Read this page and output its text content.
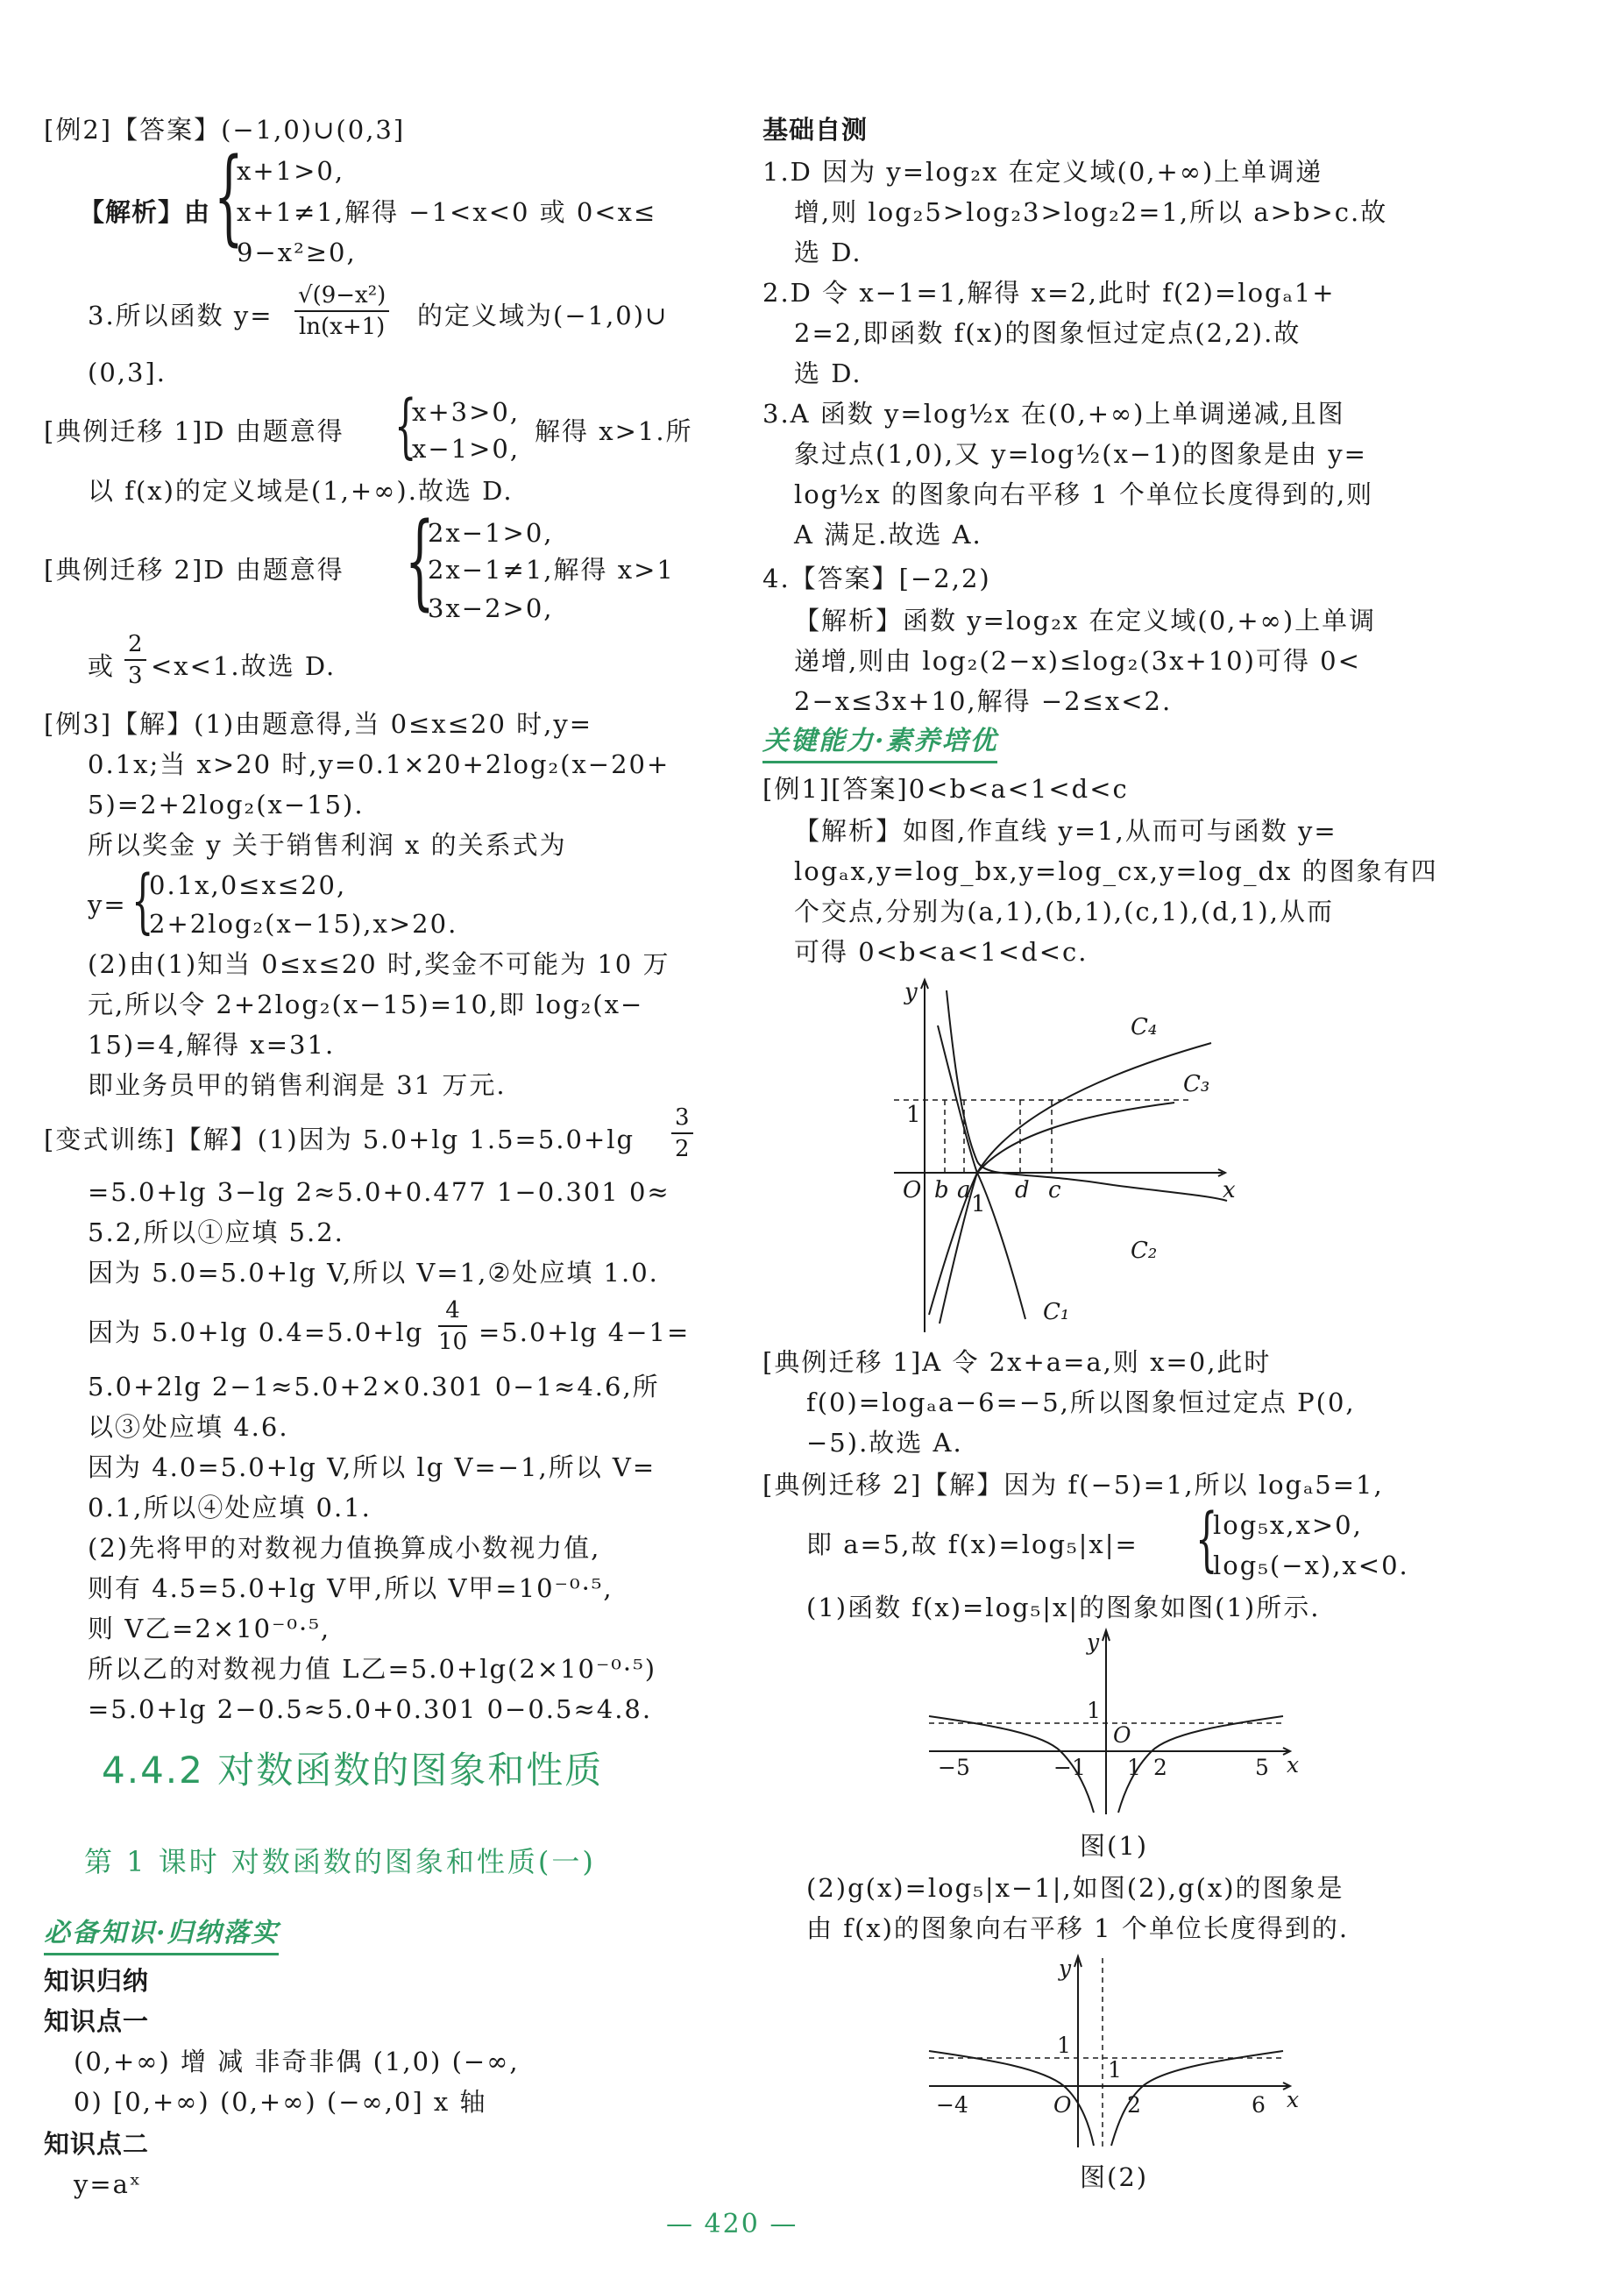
[例2]【答案】(−1,0)∪(0,3]
【解析】由 {
x+1>0,
x+1≠1,解得 −1<x<0 或 0<x≤
9−x²≥0,
3.所以函数 $y= \frac{\text{√(9−x²)}}{\ln(x+1)}$ 的定义域为(−1,0)∪
(0,3].
[典例迁移 1]D 由题意得 {
x+3>0,
x−1>0,
解得 x>1.所
以 f(x)的定义域是(1,+∞).故选 D.
[典例迁移 2]D 由题意得 {
2x−1>0,
2x−1≠1,解得 x>1
3x−2>0,
或 $\frac{2}{3} <x<1$.故选 D.
[例3]【解】(1)由题意得,当 0≤x≤20 时,y=
0.1x;当 x>20 时,y=0.1×20+2log₂(x−20+
5)=2+2log₂(x−15).
所以奖金 y 关于销售利润 x 的关系式为
y= {
0.1x,0≤x≤20,
2+2log₂(x−15),x>20.
(2)由(1)知当 0≤x≤20 时,奖金不可能为 10 万
元,所以令 2+2log₂(x−15)=10,即 log₂(x−
15)=4,解得 x=31.
即业务员甲的销售利润是 31 万元.
[变式训练]【解】(1)因为 5.0+lg $1.5=5.0+\lg \frac{3}{2}$
=5.0+lg 3−lg 2≈5.0+0.477 1−0.301 0≈
5.2,所以①应填 5.2.
因为 5.0=5.0+lg V,所以 V=1,②处应填 1.0.
因为 5.0+lg $0.4=5.0+\lg \frac{4}{10} =5.0+\lg$ 4−1=
5.0+2lg 2−1≈5.0+2×0.301 0−1≈4.6,所
以③处应填 4.6.
因为 4.0=5.0+lg V,所以 lg V=−1,所以 V=
0.1,所以④处应填 0.1.
(2)先将甲的对数视力值换算成小数视力值,
则有 4.5=5.0+lg V甲,所以 V甲=10⁻⁰·⁵,
则 V乙=2×10⁻⁰·⁵,
所以乙的对数视力值 L乙=5.0+lg(2×10⁻⁰·⁵)
=5.0+lg 2−0.5≈5.0+0.301 0−0.5≈4.8.
4.4.2 对数函数的图象和性质
第 1 课时 对数函数的图象和性质(一)
必备知识·归纳落实
知识归纳
知识点一
(0,+∞) 增 减 非奇非偶 (1,0) (−∞,
0) [0,+∞) (0,+∞) (−∞,0] x 轴
知识点二
y=aˣ
基础自测
1.D 因为 y=log₂x 在定义域(0,+∞)上单调递
增,则 log₂5>log₂3>log₂2=1,所以 a>b>c.故
选 D.
2.D 令 x−1=1,解得 x=2,此时 f(2)=logₐ1+
2=2,即函数 f(x)的图象恒过定点(2,2).故
选 D.
3.A 函数 y=log½x 在(0,+∞)上单调递减,且图
象过点(1,0),又 y=log½(x−1)的图象是由 y=
log½x 的图象向右平移 1 个单位长度得到的,则
A 满足.故选 A.
4.【答案】[−2,2)
【解析】函数 y=log₂x 在定义域(0,+∞)上单调
递增,则由 log₂(2−x)≤log₂(3x+10)可得 0<
2−x≤3x+10,解得 −2≤x<2.
关键能力·素养培优
[例1][答案]0<b<a<1<d<c
【解析】如图,作直线 y=1,从而可与函数 y=
logₐx,y=log_bx,y=log_cx,y=log_dx 的图象有四
个交点,分别为(a,1),(b,1),(c,1),(d,1),从而
可得 0<b<a<1<d<c.
y
x
O b a d c
C₄
C₃
C₂
C₁
1
1
[典例迁移 1]A 令 2x+a=a,则 x=0,此时
f(0)=logₐa−6=−5,所以图象恒过定点 P(0,
−5).故选 A.
[典例迁移 2]【解】因为 f(−5)=1,所以 logₐ5=1,
即 a=5,故 f(x)=log₅|x|= {
log₅x,x>0,
log₅(−x),x<0.
(1)函数 f(x)=log₅|x|的图象如图(1)所示.
y
x
O
1
−5	−1 1 2	5
图(1)
(2)g(x)=log₅|x−1|,如图(2),g(x)的图象是
由 f(x)的图象向右平移 1 个单位长度得到的.
y
x
O
1
−4
1
2	6
图(2)
— 420 —
